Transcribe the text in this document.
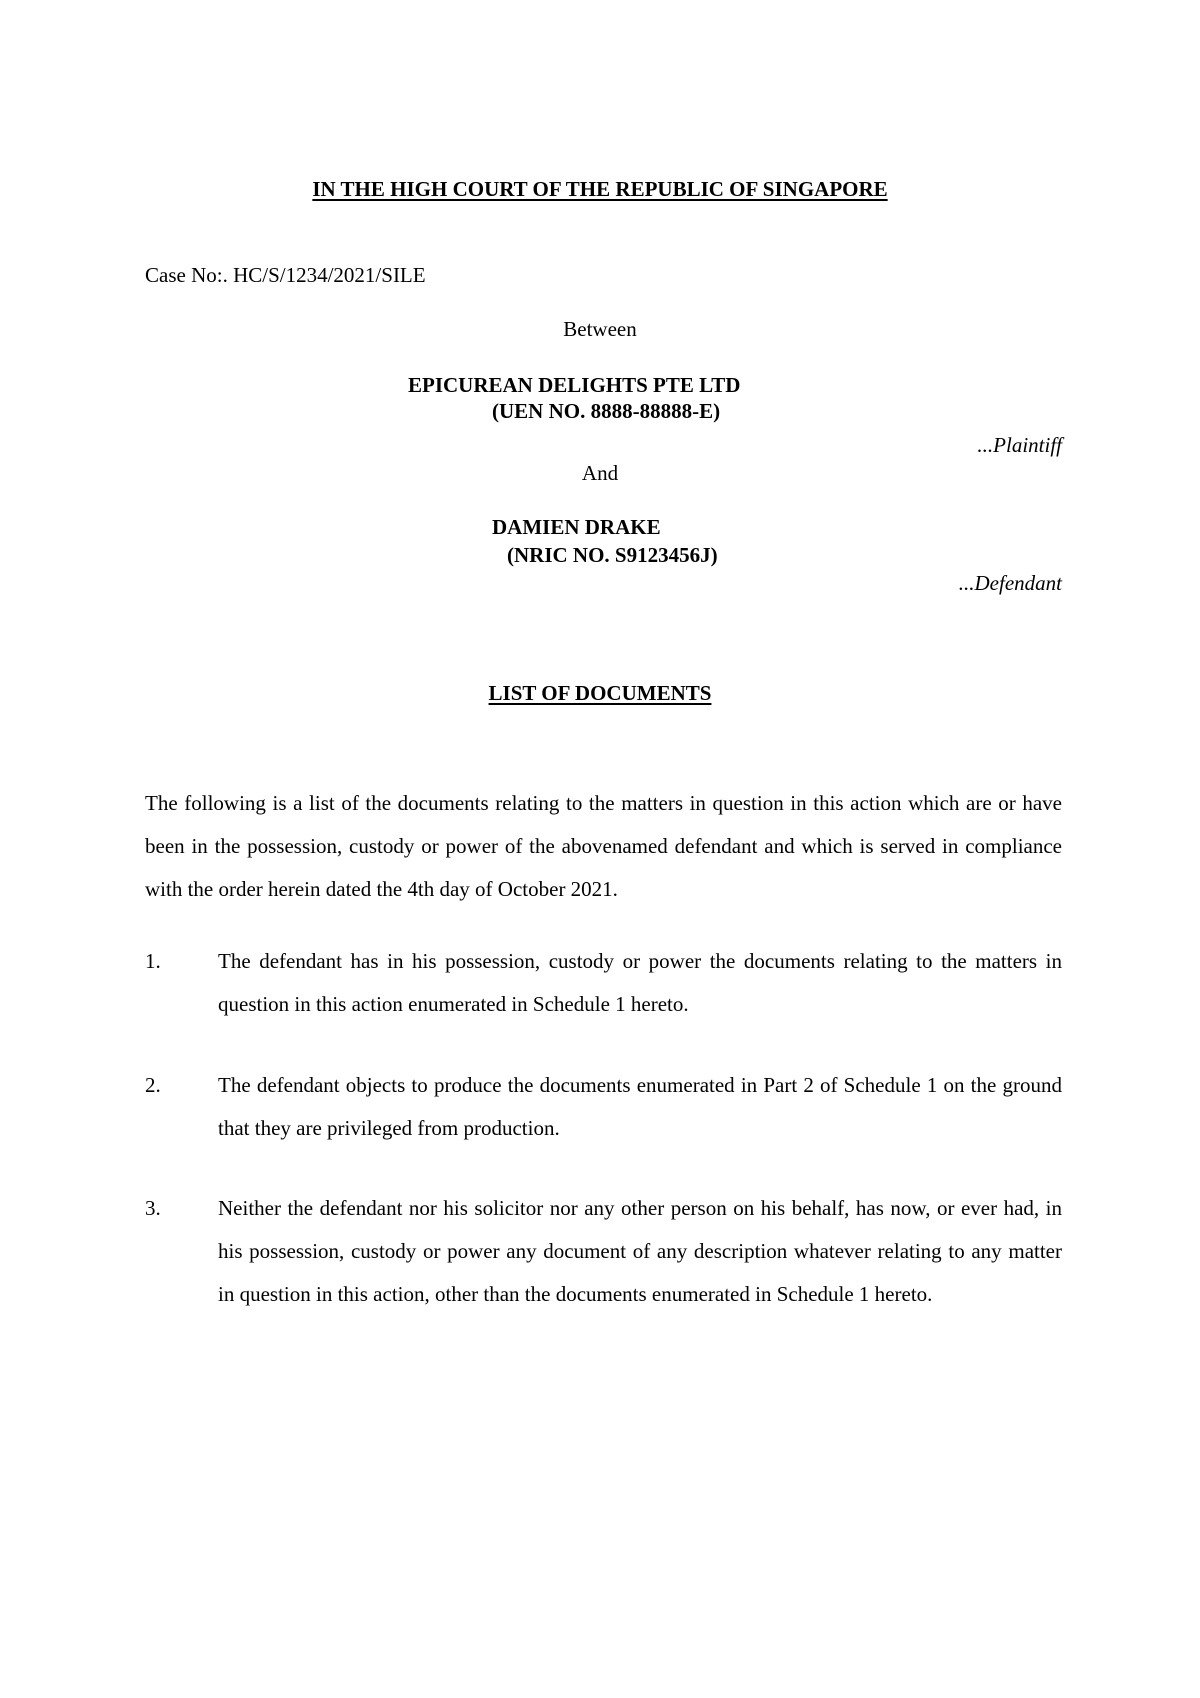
IN THE HIGH COURT OF THE REPUBLIC OF SINGAPORE
Case No:. HC/S/1234/2021/SILE
Between
EPICUREAN DELIGHTS PTE LTD
(UEN NO. 8888-88888-E)
...Plaintiff
And
DAMIEN DRAKE
(NRIC NO. S9123456J)
...Defendant
LIST OF DOCUMENTS
The following is a list of the documents relating to the matters in question in this action which are or have been in the possession, custody or power of the abovenamed defendant and which is served in compliance with the order herein dated the 4th day of October 2021.
1.	The defendant has in his possession, custody or power the documents relating to the matters in question in this action enumerated in Schedule 1 hereto.
2.	The defendant objects to produce the documents enumerated in Part 2 of Schedule 1 on the ground that they are privileged from production.
3.	Neither the defendant nor his solicitor nor any other person on his behalf, has now, or ever had, in his possession, custody or power any document of any description whatever relating to any matter in question in this action, other than the documents enumerated in Schedule 1 hereto.
